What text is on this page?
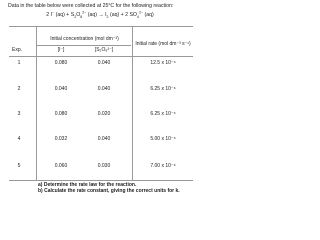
Data in the table below were collected at 25°C for the following reaction:
2 I− $(aq) + S_2O_8^{2-}$ $(aq) \to I_2$ (aq) + 2 $SO_4^{2-}$ (aq)
Initial concentration (mol dm⁻³)
Initial rate (mol dm⁻³ s⁻¹)
Exp.	[I⁻]	[S₂O₈²⁻]
1	0.080	0.040	12.5 x 10⁻⁶
2	0.040	0.040	6.25 x 10⁻⁶
3	0.080	0.020	6.25 x 10⁻⁶
4	0.032	0.040	5.00 x 10⁻⁶
5	0.060	0.030	7.00 x 10⁻⁶
a) Determine the rate law for the reaction.
b) Calculate the rate constant, giving the correct units for k.
